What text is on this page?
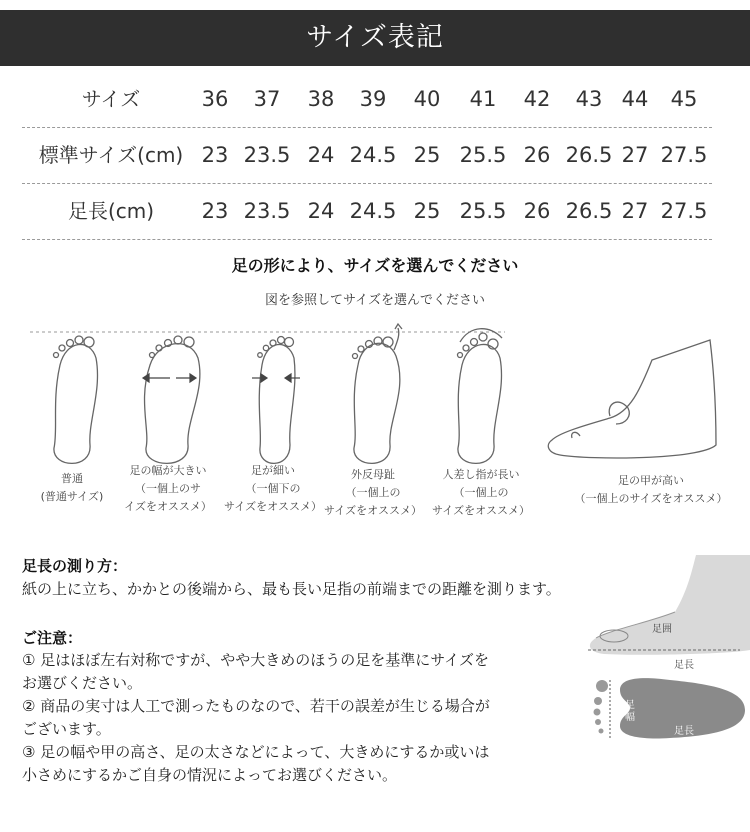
サイズ表記
サイズ	36	37	38	39	40	41	42	43 44	45
標準サイズ(cm) 23 23.5 24 24.5 25 25.5 26 26.5 27 27.5
足長(cm)	23 23.5 24 24.5 25 25.5 26 26.5 27 27.5
足の形により、サイズを選んでください
図を参照してサイズを選んでください
普通
(普通サイズ)
足の幅が大きい
（一個上のサ
イズをオススメ）
足が細い
（一個下の
サイズをオススメ）
外反母趾
（一個上の
サイズをオススメ）
人差し指が長い
（一個上の
サイズをオススメ）
足の甲が高い
（一個上のサイズをオススメ）
足長の測り方：
紙の上に立ち、かかとの後端から、最も長い足指の前端までの距離を測ります。
ご注意：
① 足はほぼ左右対称ですが、やや大きめのほうの足を基準にサイズを
お選びください。
② 商品の実寸は人工で測ったものなので、若干の誤差が生じる場合が
ございます。
③ 足の幅や甲の高さ、足の太さなどによって、大きめにするか或いは
小さめにするかご自身の情況によってお選びください。
足囲
足長
足幅
足長
